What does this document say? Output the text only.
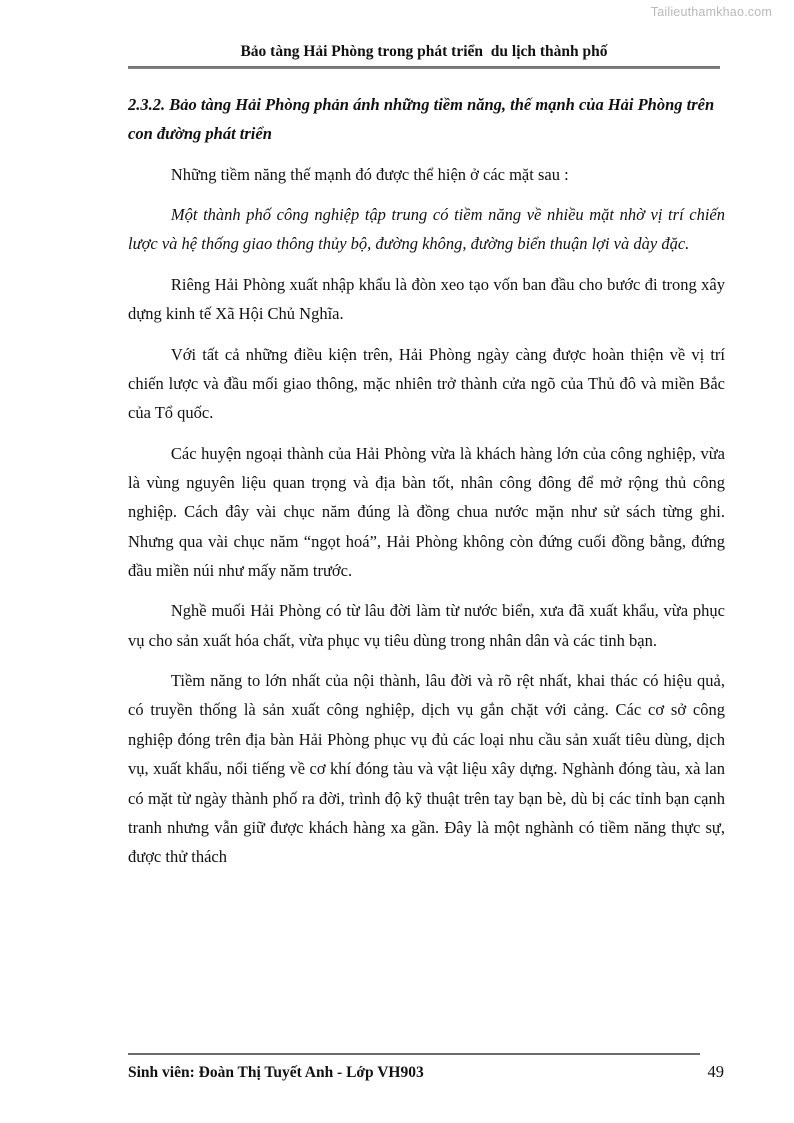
Tailieuthamkhao.com
Bảo tàng Hải Phòng trong phát triển  du lịch thành phố
2.3.2. Bảo tàng Hải Phòng phản ánh những tiềm năng, thế mạnh của Hải Phòng trên con đường phát triển

Những tiềm năng thế mạnh đó được thể hiện ở các mặt sau :

Một thành phố công nghiệp tập trung có tiềm năng về nhiều mặt nhờ vị trí chiến lược và hệ thống giao thông thủy bộ, đường không, đường biển thuận lợi và dày đặc.

Riêng Hải Phòng xuất nhập khẩu là đòn xeo tạo vốn ban đầu cho bước đi trong xây dựng kinh tế Xã Hội Chủ Nghĩa.

Với tất cả những điều kiện trên, Hải Phòng ngày càng được hoàn thiện về vị trí chiến lược và đầu mối giao thông, mặc nhiên trở thành cửa ngõ của Thủ đô và miền Bắc của Tổ quốc.

Các huyện ngoại thành của Hải Phòng vừa là khách hàng lớn của công nghiệp, vừa là vùng nguyên liệu quan trọng và địa bàn tốt, nhân công đông để mở rộng thủ công nghiệp. Cách đây vài chục năm đúng là đồng chua nước mặn như sử sách từng ghi. Nhưng qua vài chục năm “ngọt hoá”, Hải Phòng không còn đứng cuối đồng bằng, đứng đầu miền núi như mấy năm trước.

Nghề muối Hải Phòng có từ lâu đời làm từ nước biển, xưa đã xuất khẩu, vừa phục vụ cho sản xuất hóa chất, vừa phục vụ tiêu dùng trong nhân dân và các tinh bạn.

Tiềm năng to lớn nhất của nội thành, lâu đời và rõ rệt nhất, khai thác có hiệu quả, có truyền thống là sản xuất công nghiệp, dịch vụ gắn chặt với cảng. Các cơ sở công nghiệp đóng trên địa bàn Hải Phòng phục vụ đủ các loại nhu cầu sản xuất tiêu dùng, dịch vụ, xuất khẩu, nổi tiếng về cơ khí đóng tàu và vật liệu xây dựng. Nghành đóng tàu, xà lan có mặt từ ngày thành phố ra đời, trình độ kỹ thuật trên tay bạn bè, dù bị các tỉnh bạn cạnh tranh nhưng vẫn giữ được khách hàng xa gần. Đây là một nghành có tiềm năng thực sự, được thử thách

Sinh viên: Đoàn Thị Tuyết Anh - Lớp VH903	49
